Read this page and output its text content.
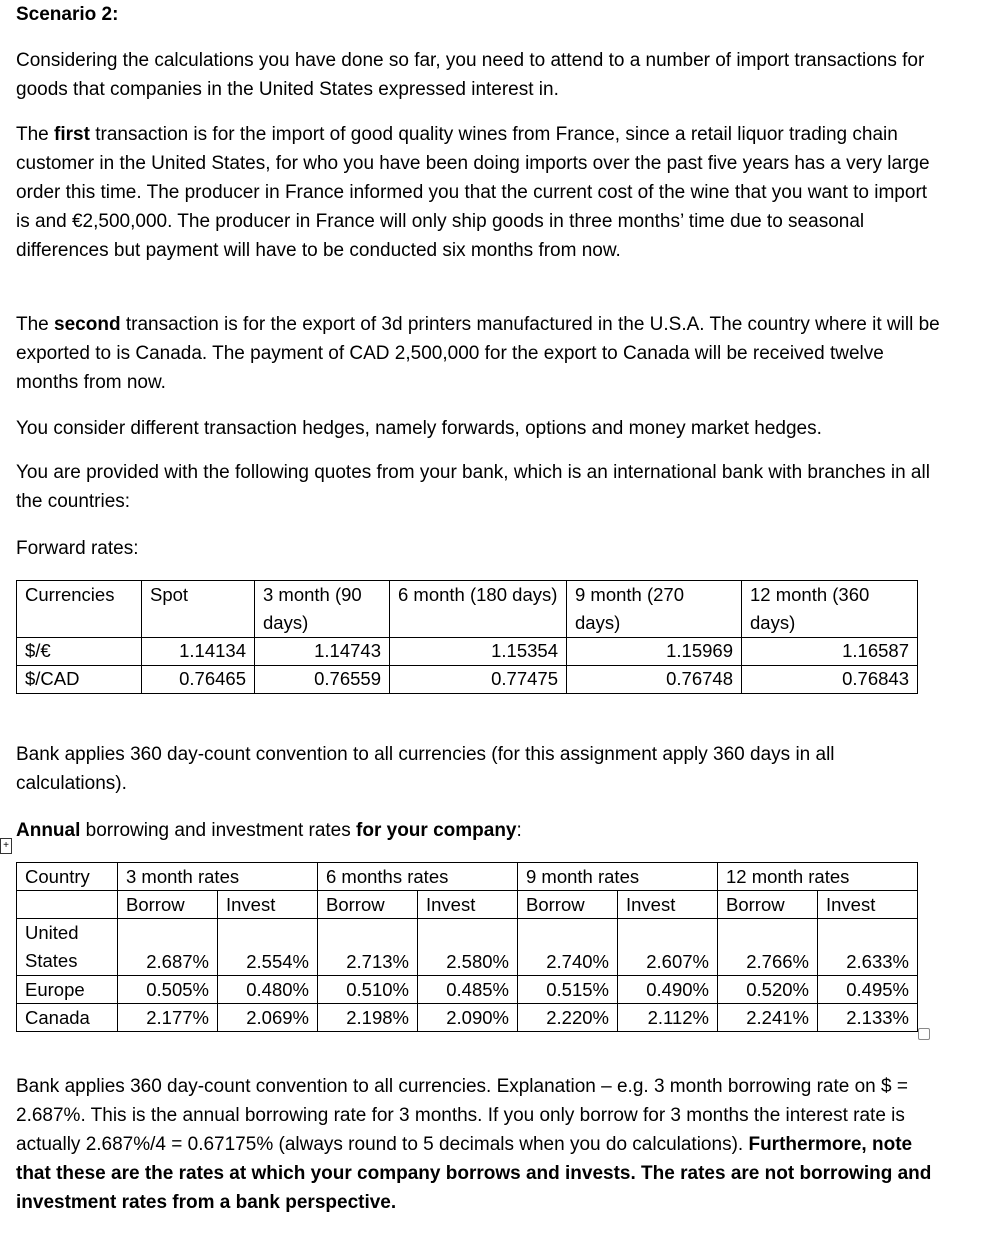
Scenario 2:
Considering the calculations you have done so far, you need to attend to a number of import transactions for goods that companies in the United States expressed interest in.
The first transaction is for the import of good quality wines from France, since a retail liquor trading chain customer in the United States, for who you have been doing imports over the past five years has a very large order this time. The producer in France informed you that the current cost of the wine that you want to import is and €2,500,000. The producer in France will only ship goods in three months’ time due to seasonal differences but payment will have to be conducted six months from now.
The second transaction is for the export of 3d printers manufactured in the U.S.A. The country where it will be exported to is Canada. The payment of CAD 2,500,000 for the export to Canada will be received twelve months from now.
You consider different transaction hedges, namely forwards, options and money market hedges.
You are provided with the following quotes from your bank, which is an international bank with branches in all the countries:
Forward rates:
Currencies	Spot	3 month (90 days)	6 month (180 days)	9 month (270 days)	12 month (360 days)
$/€	1.14134	1.14743	1.15354	1.15969	1.16587
$/CAD	0.76465	0.76559	0.77475	0.76748	0.76843
Bank applies 360 day-count convention to all currencies (for this assignment apply 360 days in all calculations).
Annual borrowing and investment rates for your company:
+
Country	3 month rates		6 months rates		9 month rates		12 month rates	
	Borrow	Invest	Borrow	Invest	Borrow	Invest	Borrow	Invest
United States	2.687%	2.554%	2.713%	2.580%	2.740%	2.607%	2.766%	2.633%
Europe	0.505%	0.480%	0.510%	0.485%	0.515%	0.490%	0.520%	0.495%
Canada	2.177%	2.069%	2.198%	2.090%	2.220%	2.112%	2.241%	2.133%
Bank applies 360 day-count convention to all currencies. Explanation – e.g. 3 month borrowing rate on $ = 2.687%. This is the annual borrowing rate for 3 months. If you only borrow for 3 months the interest rate is actually 2.687%/4 = 0.67175% (always round to 5 decimals when you do calculations). Furthermore, note that these are the rates at which your company borrows and invests. The rates are not borrowing and investment rates from a bank perspective.
